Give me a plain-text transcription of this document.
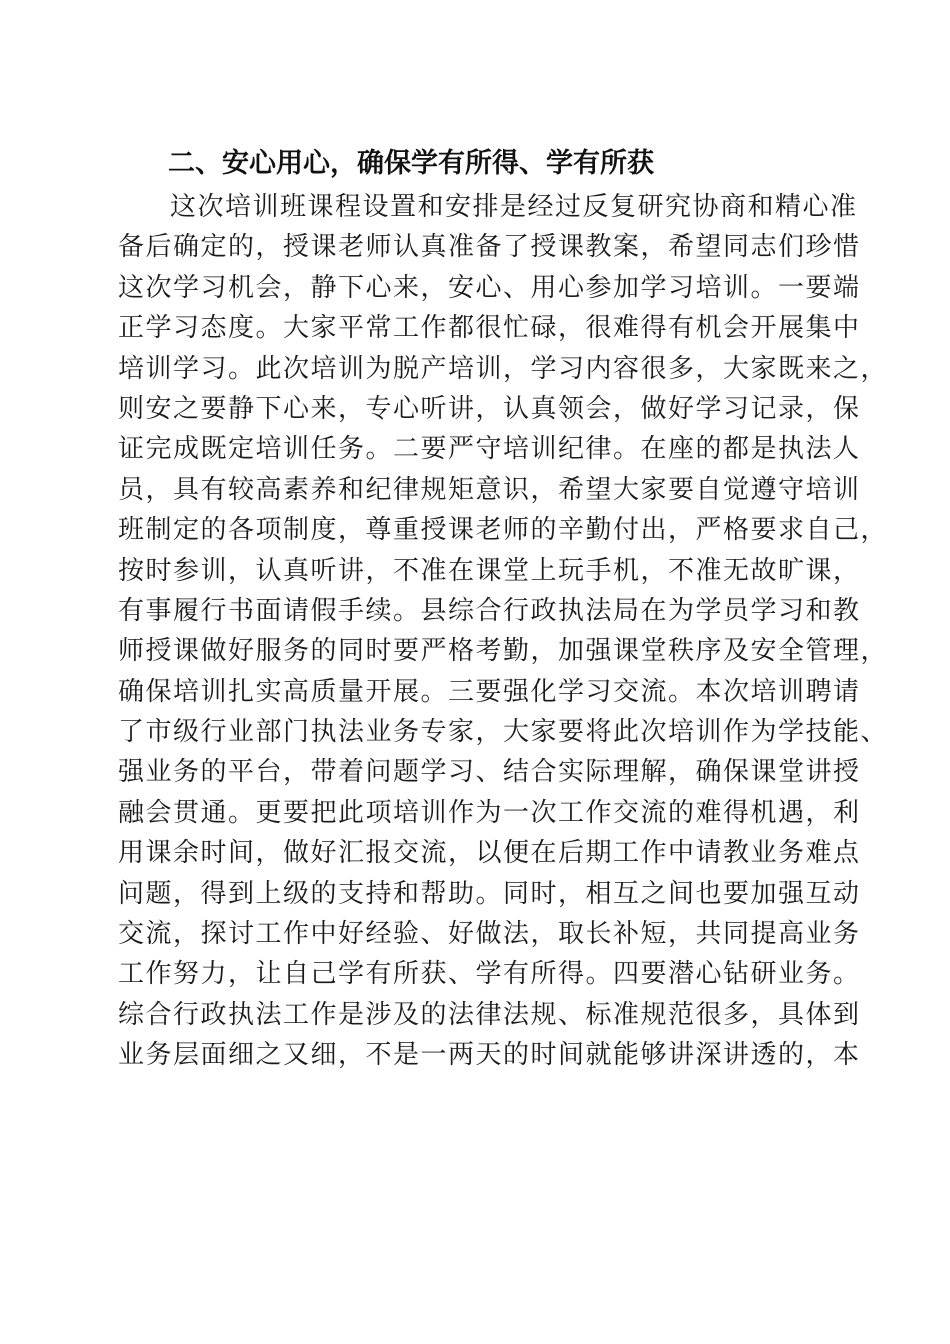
二、安心用心，确保学有所得、学有所获
这次培训班课程设置和安排是经过反复研究协商和精心准
备后确定的，授课老师认真准备了授课教案，希望同志们珍惜
这次学习机会，静下心来，安心、用心参加学习培训。一要端
正学习态度。大家平常工作都很忙碌，很难得有机会开展集中
培训学习。此次培训为脱产培训，学习内容很多，大家既来之，
则安之要静下心来，专心听讲，认真领会，做好学习记录，保
证完成既定培训任务。二要严守培训纪律。在座的都是执法人
员，具有较高素养和纪律规矩意识，希望大家要自觉遵守培训
班制定的各项制度，尊重授课老师的辛勤付出，严格要求自己，
按时参训，认真听讲，不准在课堂上玩手机，不准无故旷课，
有事履行书面请假手续。县综合行政执法局在为学员学习和教
师授课做好服务的同时要严格考勤，加强课堂秩序及安全管理，
确保培训扎实高质量开展。三要强化学习交流。本次培训聘请
了市级行业部门执法业务专家，大家要将此次培训作为学技能、
强业务的平台，带着问题学习、结合实际理解，确保课堂讲授
融会贯通。更要把此项培训作为一次工作交流的难得机遇，利
用课余时间，做好汇报交流，以便在后期工作中请教业务难点
问题，得到上级的支持和帮助。同时，相互之间也要加强互动
交流，探讨工作中好经验、好做法，取长补短，共同提高业务
工作努力，让自己学有所获、学有所得。四要潜心钻研业务。
综合行政执法工作是涉及的法律法规、标准规范很多，具体到
业务层面细之又细，不是一两天的时间就能够讲深讲透的，本
